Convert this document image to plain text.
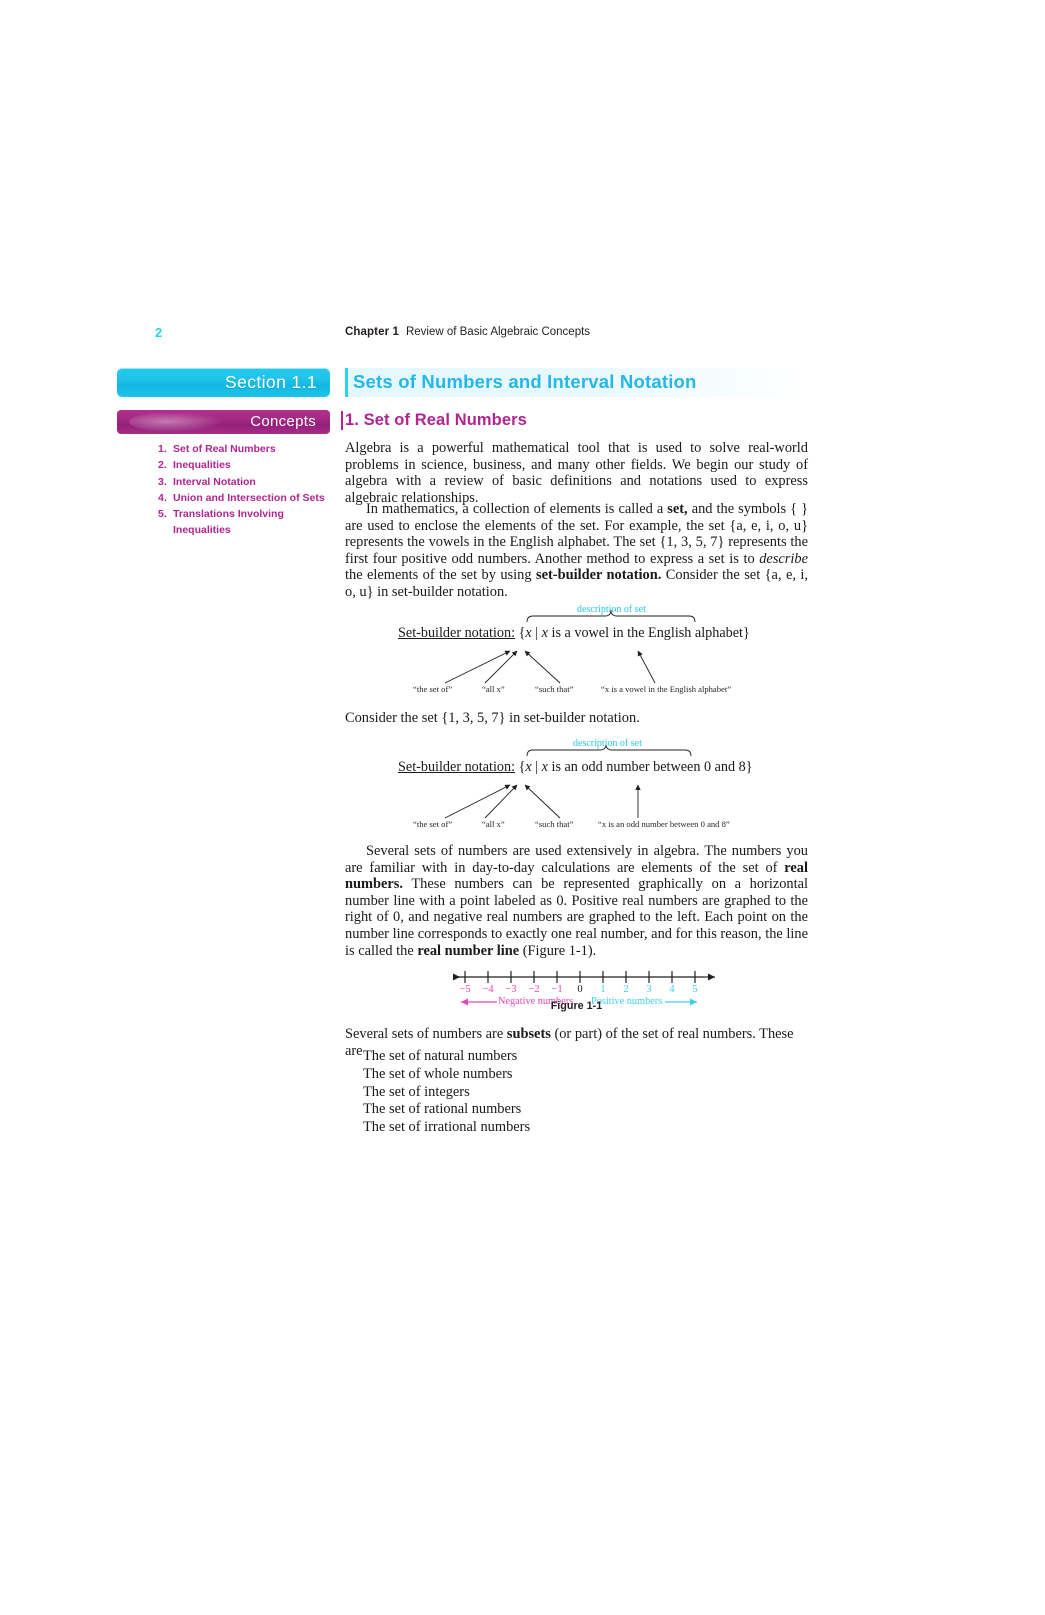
2	Chapter 1 Review of Basic Algebraic Concepts
Section 1.1
Concepts
1. Set of Real Numbers
2. Inequalities
3. Interval Notation
4. Union and Intersection of Sets
5. Translations Involving Inequalities
Sets of Numbers and Interval Notation
1. Set of Real Numbers

Algebra is a powerful mathematical tool that is used to solve real-world problems in science, business, and many other fields. We begin our study of algebra with a review of basic definitions and notations used to express algebraic relationships.

In mathematics, a collection of elements is called a set, and the symbols { } are used to enclose the elements of the set. For example, the set {a, e, i, o, u} represents the vowels in the English alphabet. The set {1, 3, 5, 7} represents the first four positive odd numbers. Another method to express a set is to describe the elements of the set by using set-builder notation. Consider the set {a, e, i, o, u} in set-builder notation.

description of set
Set-builder notation: {x | x is a vowel in the English alphabet}
“the set of”	“all x”	“such that”	“x is a vowel in the English alphabet”

Consider the set {1, 3, 5, 7} in set-builder notation.

description of set
Set-builder notation: {x | x is an odd number between 0 and 8}
“the set of”	“all x”	“such that”	“x is an odd number between 0 and 8”

Several sets of numbers are used extensively in algebra. The numbers you are familiar with in day-to-day calculations are elements of the set of real numbers. These numbers can be represented graphically on a horizontal number line with a point labeled as 0. Positive real numbers are graphed to the right of 0, and negative real numbers are graphed to the left. Each point on the number line corresponds to exactly one real number, and for this reason, the line is called the real number line (Figure 1-1).

−5	−4	−3	−2	−1	0	1	2	3	4	5
Negative numbers Positive numbers
Figure 1-1

Several sets of numbers are subsets (or part) of the set of real numbers. These are The set of natural numbers
The set of whole numbers
The set of integers
The set of rational numbers
The set of irrational numbers
